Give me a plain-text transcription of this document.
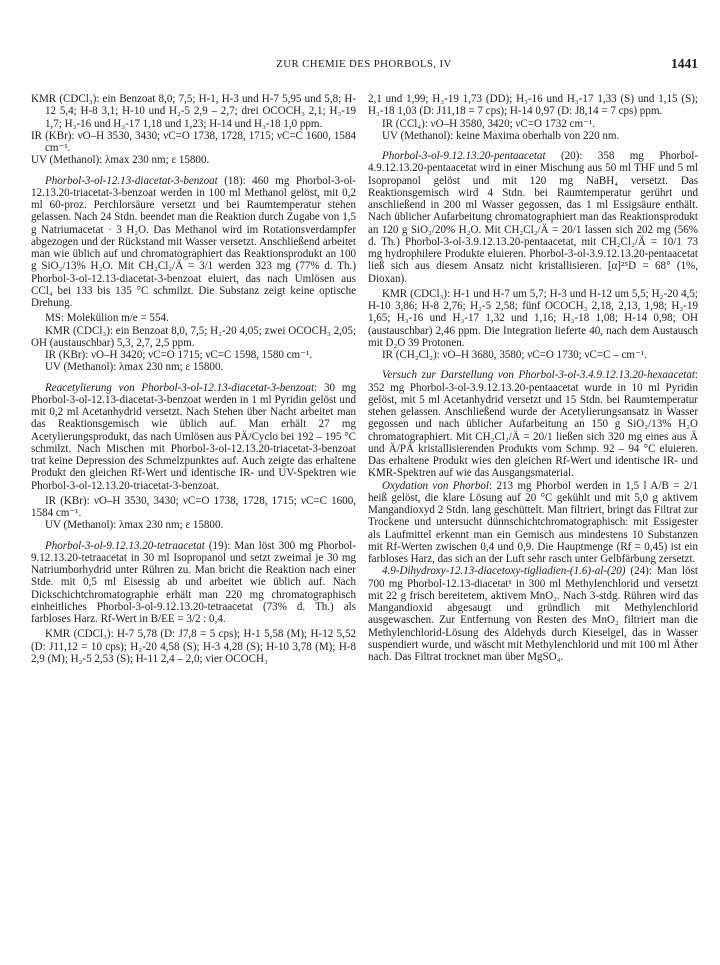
ZUR CHEMIE DES PHORBOLS, IV	1441

KMR (CDCl₃): ein Benzoat 8,0; 7,5; H-1, H-3 und H-7 5,95 und 5,8; H-12 5,4; H-8 3,1; H-10 und H₂-5 2,9 – 2,7; drei OCOCH₃ 2,1; H₃-19 1,7; H₃-16 und H₃-17 1,18 und 1,23; H-14 und H₃-18 1,0 ppm.

IR (KBr): νO–H 3530, 3430; νC=O 1738, 1728, 1715; νC=C 1600, 1584 cm⁻¹.

UV (Methanol): λmax 230 nm; ε 15800.

Phorbol-3-ol-12.13-diacetat-3-benzoat (18): 460 mg Phorbol-3-ol-12.13.20-triacetat-3-benzoat werden in 100 ml Methanol gelöst, mit 0,2 ml 60-proz. Perchlorsäure versetzt und bei Raumtemperatur stehen gelassen. Nach 24 Stdn. beendet man die Reaktion durch Zugabe von 1,5 g Natriumacetat · 3 H₂O. Das Methanol wird im Rotationsverdampfer abgezogen und der Rückstand mit Wasser versetzt. Anschließend arbeitet man wie üblich auf und chromatographiert das Reaktionsprodukt an 100 g SiO₂/13% H₂O. Mit CH₂Cl₂/Ä = 3/1 werden 323 mg (77% d. Th.) Phorbol-3-ol-12.13-diacetat-3-benzoat eluiert, das nach Umlösen aus CCl₄ bei 133 bis 135 °C schmilzt. Die Substanz zeigt keine optische Drehung.

MS: Molekülion m/e = 554.

KMR (CDCl₃): ein Benzoat 8,0, 7,5; H₂-20 4,05; zwei OCOCH₃ 2,05; OH (austauschbar) 5,3, 2,7, 2,5 ppm.

IR (KBr): νO–H 3420; νC=O 1715; νC=C 1598, 1580 cm⁻¹.

UV (Methanol): λmax 230 nm; ε 15800.

Reacetylierung von Phorbol-3-ol-12.13-diacetat-3-benzoat: 30 mg Phorbol-3-ol-12.13-diacetat-3-benzoat werden in 1 ml Pyridin gelöst und mit 0,2 ml Acetanhydrid versetzt. Nach Stehen über Nacht arbeitet man das Reaktionsgemisch wie üblich auf. Man erhält 27 mg Acetylierungsprodukt, das nach Umlösen aus PÄ/Cyclo bei 192 – 195 °C schmilzt. Nach Mischen mit Phorbol-3-ol-12.13.20-triacetat-3-benzoat trat keine Depression des Schmelzpunktes auf. Auch zeigte das erhaltene Produkt den gleichen Rf-Wert und identische IR- und UV-Spektren wie Phorbol-3-ol-12.13.20-triacetat-3-benzoat.

IR (KBr): νO–H 3530, 3430; νC=O 1738, 1728, 1715; νC=C 1600, 1584 cm⁻¹.

UV (Methanol): λmax 230 nm; ε 15800.

Phorbol-3-ol-9.12.13.20-tetraacetat (19): Man löst 300 mg Phorbol-9.12.13.20-tetraacetat in 30 ml Isopropanol und setzt zweimal je 30 mg Natriumborhydrid unter Rühren zu. Man bricht die Reaktion nach einer Stde. mit 0,5 ml Eisessig ab und arbeitet wie üblich auf. Nach Dickschichtchromatographie erhält man 220 mg chromatographisch einheitliches Phorbol-3-ol-9.12.13.20-tetraacetat (73% d. Th.) als farbloses Harz. Rf-Wert in B/EE = 3/2 : 0,4.

KMR (CDCl₃): H-7 5,78 (D: J7,8 = 5 cps); H-1 5,58 (M); H-12 5,52 (D: J11,12 = 10 cps); H₂-20 4,58 (S); H-3 4,28 (S); H-10 3,78 (M); H-8 2,9 (M); H₂-5 2,53 (S); H-11 2,4 – 2,0; vier OCOCH₃

2,1 und 1,99; H₃-19 1,73 (DD); H₃-16 und H₃-17 1,33 (S) und 1,15 (S); H₃-18 1,03 (D: J11,18 = 7 cps); H-14 0,97 (D: J8,14 = 7 cps) ppm.

IR (CCl₄): νO–H 3580, 3420; νC=O 1732 cm⁻¹.

UV (Methanol): keine Maxima oberhalb von 220 nm.

Phorbol-3-ol-9.12.13.20-pentaacetat (20): 358 mg Phorbol-4.9.12.13.20-pentaacetat wird in einer Mischung aus 50 ml THF und 5 ml Isopropanol gelöst und mit 120 mg NaBH₄ versetzt. Das Reaktionsgemisch wird 4 Stdn. bei Raumtemperatur gerührt und anschließend in 200 ml Wasser gegossen, das 1 ml Essigsäure enthält. Nach üblicher Aufarbeitung chromatographiert man das Reaktionsprodukt an 120 g SiO₂/20% H₂O. Mit CH₂Cl₂/Ä = 20/1 lassen sich 202 mg (56% d. Th.) Phorbol-3-ol-3.9.12.13.20-pentaacetat, mit CH₂Cl₂/Ä = 10/1 73 mg hydrophilere Produkte eluieren. Phorbol-3-ol-3.9.12.13.20-pentaacetat ließ sich aus diesem Ansatz nicht kristallisieren. [α]²⁵D = 68° (1%, Dioxan).

KMR (CDCl₃): H-1 und H-7 um 5,7; H-3 und H-12 um 5,5; H₂-20 4,5; H-10 3,86; H-8 2,76; H₂-5 2,58; fünf OCOCH₃ 2,18, 2,13, 1,98; H₃-19 1,65; H₃-16 und H₃-17 1,32 und 1,16; H₃-18 1,08; H-14 0,98; OH (austauschbar) 2,46 ppm. Die Integration lieferte 40, nach dem Austausch mit D₂O 39 Protonen.

IR (CH₂Cl₂): νO–H 3680, 3580; νC=O 1730; νC=C – cm⁻¹.

Versuch zur Darstellung von Phorbol-3-ol-3.4.9.12.13.20-hexaacetat: 352 mg Phorbol-3-ol-3.9.12.13.20-pentaacetat wurde in 10 ml Pyridin gelöst, mit 5 ml Acetanhydrid versetzt und 15 Stdn. bei Raumtemperatur stehen gelassen. Anschließend wurde der Acetylierungsansatz in Wasser gegossen und nach üblicher Aufarbeitung an 150 g SiO₂/13% H₂O chromatographiert. Mit CH₂Cl₂/Ä = 20/1 ließen sich 320 mg eines aus Ä und Ä/PÄ kristallisierenden Produkts vom Schmp. 92 – 94 °C eluieren. Das erhaltene Produkt wies den gleichen Rf-Wert und identische IR- und KMR-Spektren auf wie das Ausgangsmaterial.

Oxydation von Phorbol: 213 mg Phorbol werden in 1,5 l A/B = 2/1 heiß gelöst, die klare Lösung auf 20 °C gekühlt und mit 5,0 g aktivem Mangandioxyd 2 Stdn. lang geschüttelt. Man filtriert, bringt das Filtrat zur Trockene und untersucht dünnschichtchromatographisch: mit Essigester als Laufmittel erkennt man ein Gemisch aus mindestens 10 Substanzen mit Rf-Werten zwischen 0,4 und 0,9. Die Hauptmenge (Rf = 0,45) ist ein farbloses Harz, das sich an der Luft sehr rasch unter Gelbfärbung zersetzt.

4.9-Dihydroxy-12.13-diacetoxy-tigliadien-(1.6)-al-(20) (24): Man löst 700 mg Phorbol-12.13-diacetat¹ in 300 ml Methylenchlorid und versetzt mit 22 g frisch bereitetem, aktivem MnO₂. Nach 3-stdg. Rühren wird das Mangandioxid abgesaugt und gründlich mit Methylenchlorid ausgewaschen. Zur Entfernung von Resten des MnO₂ filtriert man die Methylenchlorid-Lösung des Aldehyds durch Kieselgel, das in Wasser suspendiert wurde, und wäscht mit Methylenchlorid und mit 100 ml Äther nach. Das Filtrat trocknet man über MgSO₄.
